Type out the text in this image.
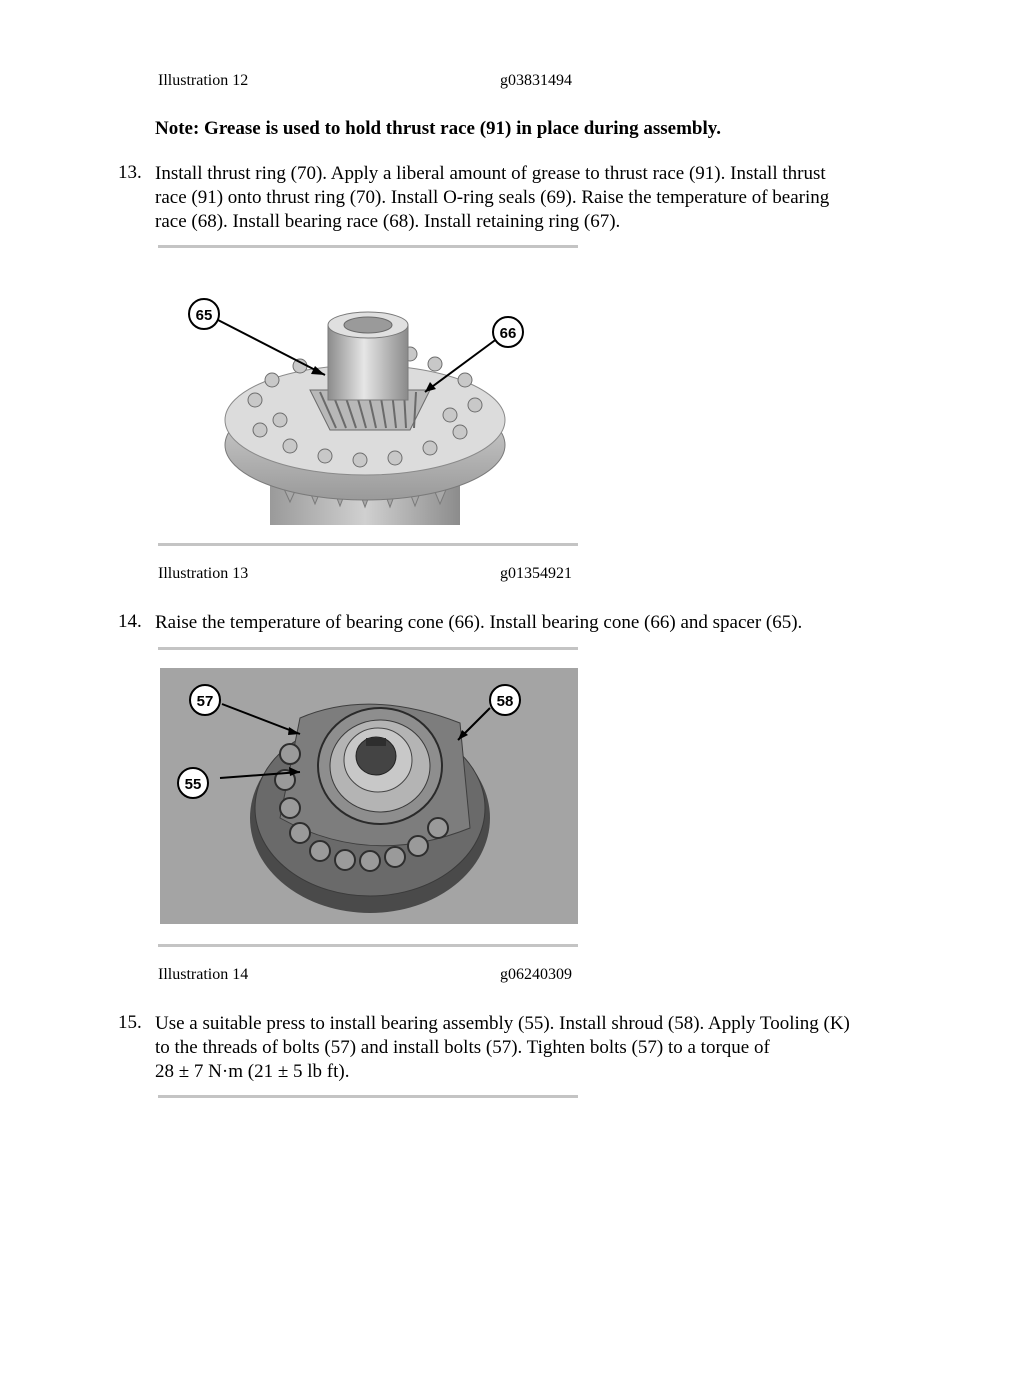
Illustration 12	g03831494
Note: Grease is used to hold thrust race (91) in place during assembly.
13. Install thrust ring (70). Apply a liberal amount of grease to thrust race (91). Install thrust
race (91) onto thrust ring (70). Install O-ring seals (69). Raise the temperature of bearing
race (68). Install bearing race (68). Install retaining ring (67).
65
66
Illustration 13	g01354921
14. Raise the temperature of bearing cone (66). Install bearing cone (66) and spacer (65).
57	58
55
Illustration 14	g06240309
15. Use a suitable press to install bearing assembly (55). Install shroud (58). Apply Tooling (K)
to the threads of bolts (57) and install bolts (57). Tighten bolts (57) to a torque of
28 ± 7 N·m (21 ± 5 lb ft).
